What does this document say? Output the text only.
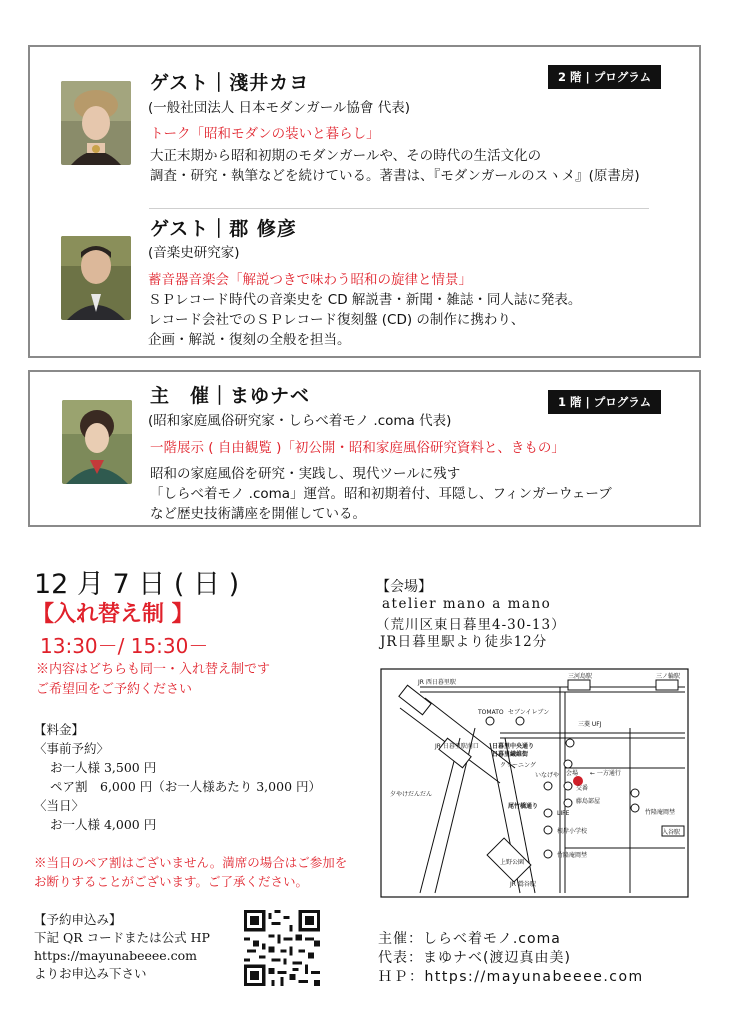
ゲスト｜淺井カヨ	2 階 | プログラム
(一般社団法人 日本モダンガール協會 代表)
トーク「昭和モダンの装いと暮らし」
大正末期から昭和初期のモダンガールや、その時代の生活文化の
調査・研究・執筆などを続けている。著書は、『モダンガールのスヽメ』(原書房)
ゲスト｜郡 修彦
(音楽史研究家)
蓄音器音楽会「解説つきで味わう昭和の旋律と情景」
ＳＰレコード時代の音楽史を CD 解説書・新聞・雑誌・同人誌に発表。
レコード会社でのＳＰレコード復刻盤 (CD) の制作に携わり、
企画・解説・復刻の全般を担当。
主　催｜まゆナベ	1 階 | プログラム
(昭和家庭風俗研究家・しらべ着モノ .coma 代表)
一階展示 ( 自由観覧 )「初公開・昭和家庭風俗研究資料と、きもの」
昭和の家庭風俗を研究・実践し、現代ツールに残す
「しらべ着モノ .coma」運営。昭和初期着付、耳隠し、フィンガーウェーブ
など歴史技術講座を開催している。
12 月 7 日 ( 日 )
【入れ替え制 】
13:30－/ 15:30－
※内容はどちらも同一・入れ替え制です
ご希望回をご予約ください
【料金】
〈事前予約〉
お一人様 3,500 円
ペア割　6,000 円（お一人様あたり 3,000 円）
〈当日〉
お一人様 4,000 円
※当日のペア割はございません。満席の場合はご参加を
お断りすることがございます。ご了承ください。
【予約申込み】
下記 QR コードまたは公式 HP
https://mayunabeeee.com
よりお申込み下さい
【会場】
atelier mano a mano
（荒川区東日暮里4-30-13）
JR日暮里駅より徒歩12分
JR 西日暮里駅
三河島駅	三ノ輪駅
TOMATO セブンイレブン
三菱 UFJ
日暮里中央通り
日暮里繊維街
JR 日暮里駅南口
クリーニング
会場 ← 一方通行
いなげや
交番
藤島部屋
夕やけだんだん
尾竹橋通り
LIFE
根岸小学校
竹隆庵岡埜
入谷駅
竹隆庵岡埜
上野公園
JR 鶯谷駅
主催：しらべ着モノ.coma
代表：まゆナベ(渡辺真由美)
ＨＰ：https://mayunabeeee.com
